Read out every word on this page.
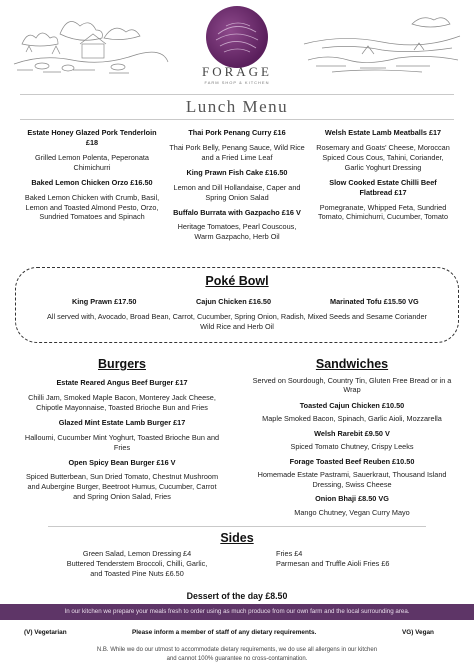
FORAGE
FARM SHOP & KITCHEN
Lunch Menu
Estate Honey Glazed Pork Tenderloin £18
Grilled Lemon Polenta, Peperonata Chimichurri
Baked Lemon Chicken Orzo £16.50
Baked Lemon Chicken with Crumb, Basil, Lemon and Toasted Almond Pesto, Orzo, Sundried Tomatoes and Spinach
Thai Pork Penang Curry £16
Thai Pork Belly, Penang Sauce, Wild Rice and a Fried Lime Leaf
King Prawn Fish Cake £16.50
Lemon and Dill Hollandaise, Caper and Spring Onion Salad
Buffalo Burrata with Gazpacho £16 V
Heritage Tomatoes, Pearl Couscous, Warm Gazpacho, Herb Oil
Welsh Estate Lamb Meatballs £17
Rosemary and Goats' Cheese, Moroccan Spiced Cous Cous, Tahini, Coriander, Garlic Yoghurt Dressing
Slow Cooked Estate Chilli Beef Flatbread £17
Pomegranate, Whipped Feta, Sundried Tomato, Chimichurri, Cucumber, Tomato
Poké Bowl
King Prawn £17.50	Cajun Chicken £16.50	Marinated Tofu £15.50 VG
All served with, Avocado, Broad Bean, Carrot, Cucumber, Spring Onion, Radish, Mixed Seeds and Sesame Coriander Wild Rice and Herb Oil
Burgers
Estate Reared Angus Beef Burger £17
Chilli Jam, Smoked Maple Bacon, Monterey Jack Cheese, Chipotle Mayonnaise, Toasted Brioche Bun and Fries
Glazed Mint Estate Lamb Burger £17
Halloumi, Cucumber Mint Yoghurt, Toasted Brioche Bun and Fries
Open Spicy Bean Burger £16 V
Spiced Butterbean, Sun Dried Tomato, Chestnut Mushroom and Aubergine Burger, Beetroot Humus, Cucumber, Carrot and Spring Onion Salad, Fries
Sandwiches
Served on Sourdough, Country Tin, Gluten Free Bread or in a Wrap
Toasted Cajun Chicken £10.50
Maple Smoked Bacon, Spinach, Garlic Aioli, Mozzarella
Welsh Rarebit £9.50 V
Spiced Tomato Chutney, Crispy Leeks
Forage Toasted Beef Reuben £10.50
Homemade Estate Pastrami, Sauerkraut, Thousand Island Dressing, Swiss Cheese
Onion Bhaji £8.50 VG
Mango Chutney, Vegan Curry Mayo
Sides
Green Salad, Lemon Dressing £4
Buttered Tenderstem Broccoli, Chilli, Garlic, and Toasted Pine Nuts £6.50
Fries £4
Parmesan and Truffle Aioli Fries £6
Dessert of the day £8.50
In our kitchen we prepare your meals fresh to order using as much produce from our own farm and the local surrounding area.
(V) Vegetarian	Please inform a member of staff of any dietary requirements.	VG) Vegan
N.B. While we do our utmost to accommodate dietary requirements, we do use all allergens in our kitchen and cannot 100% guarantee no cross-contamination.
